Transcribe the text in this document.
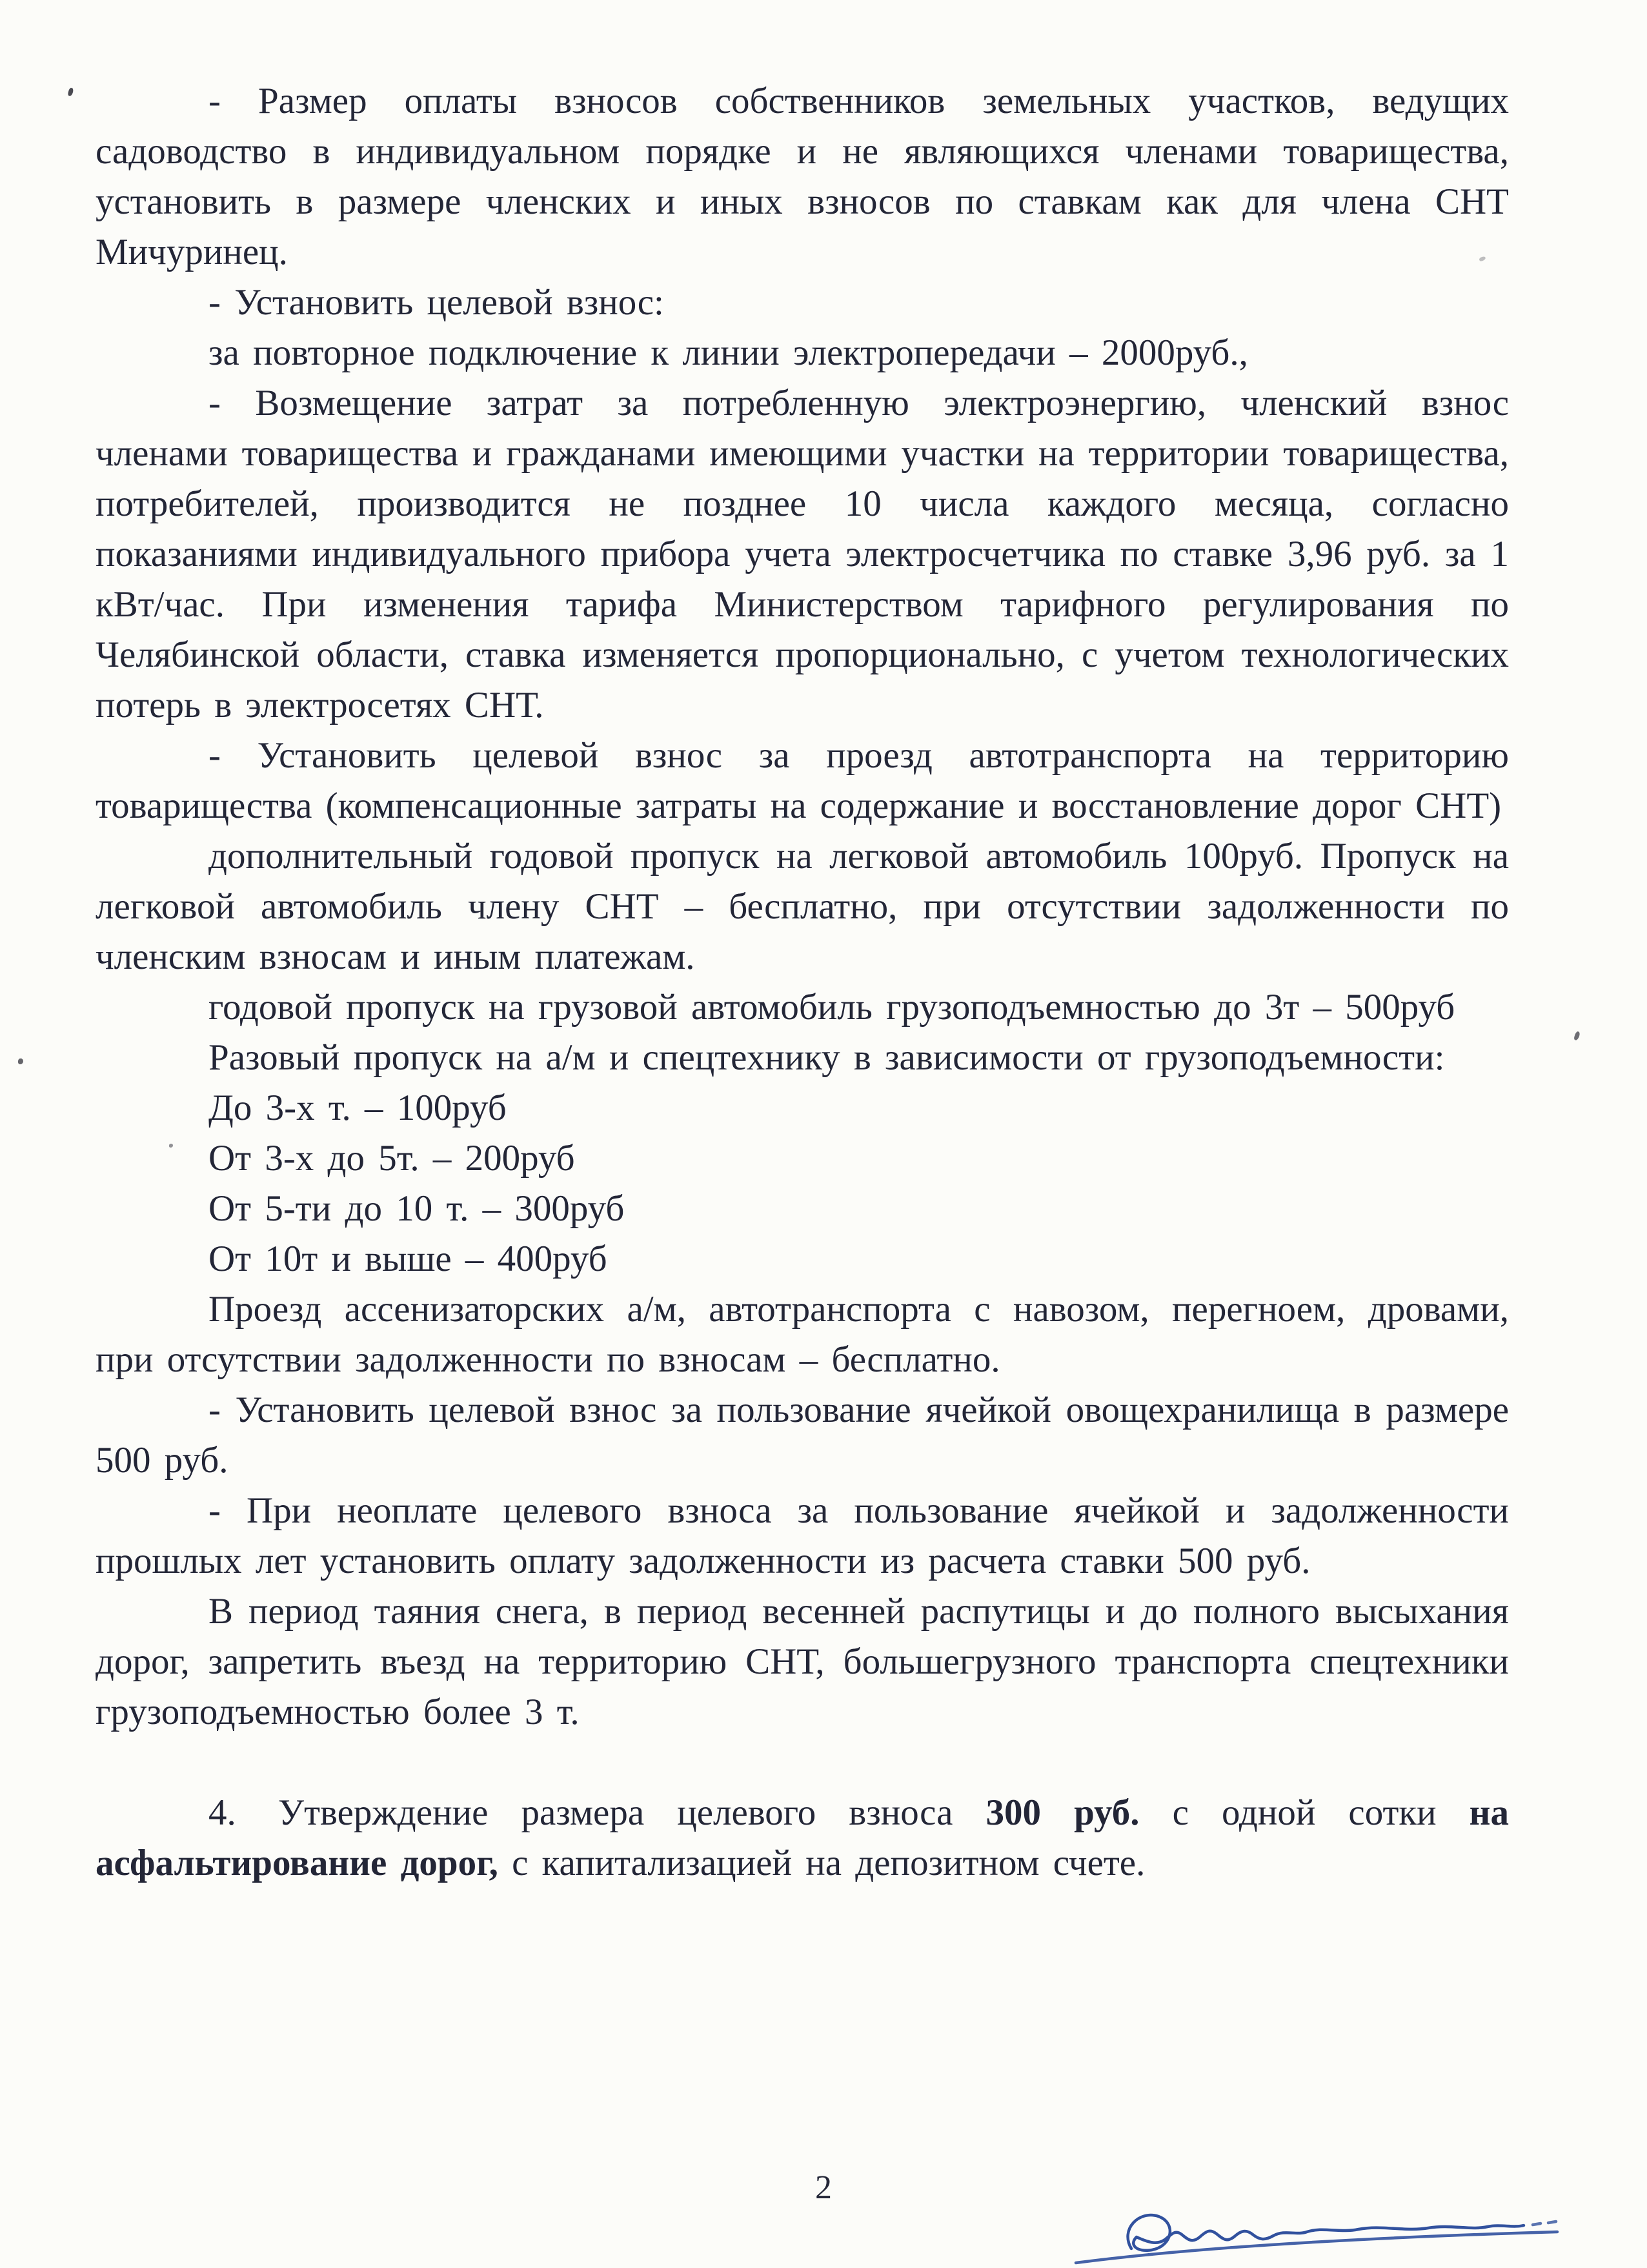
- Размер оплаты взносов собственников земельных участков, ведущих садоводство в индивидуальном порядке и не являющихся членами товарищества, установить в размере членских и иных взносов по ставкам как для члена СНТ Мичуринец.

- Установить целевой взнос:

за повторное подключение к линии электропередачи – 2000руб.,

- Возмещение затрат за потребленную электроэнергию, членский взнос членами товарищества и гражданами имеющими участки на территории товарищества, потребителей, производится не позднее 10 числа каждого месяца, согласно показаниями индивидуального прибора учета электросчетчика по ставке 3,96 руб. за 1 кВт/час. При изменения тарифа Министерством тарифного регулирования по Челябинской области, ставка изменяется пропорционально, с учетом технологических потерь в электросетях СНТ.

- Установить целевой взнос за проезд автотранспорта на территорию товарищества (компенсационные затраты на содержание и восстановление дорог СНТ)

дополнительный годовой пропуск на легковой автомобиль 100руб. Пропуск на легковой автомобиль члену СНТ – бесплатно, при отсутствии задолженности по членским взносам и иным платежам.

годовой пропуск на грузовой автомобиль грузоподъемностью до 3т – 500руб

Разовый пропуск на а/м и спецтехнику в зависимости от грузоподъемности:

До 3-х т. – 100руб

От 3-х до 5т. – 200руб

От 5-ти до 10 т. – 300руб

От 10т и выше – 400руб

Проезд ассенизаторских а/м, автотранспорта с навозом, перегноем, дровами, при отсутствии задолженности по взносам – бесплатно.

- Установить целевой взнос за пользование ячейкой овощехранилища в размере 500 руб.

- При неоплате целевого взноса за пользование ячейкой и задолженности прошлых лет установить оплату задолженности из расчета ставки 500 руб.

В период таяния снега, в период весенней распутицы и до полного высыхания дорог, запретить въезд на территорию СНТ, большегрузного транспорта спецтехники грузоподъемностью более 3 т.

4. Утверждение размера целевого взноса 300 руб. с одной сотки на асфальтирование дорог, с капитализацией на депозитном счете.

2
